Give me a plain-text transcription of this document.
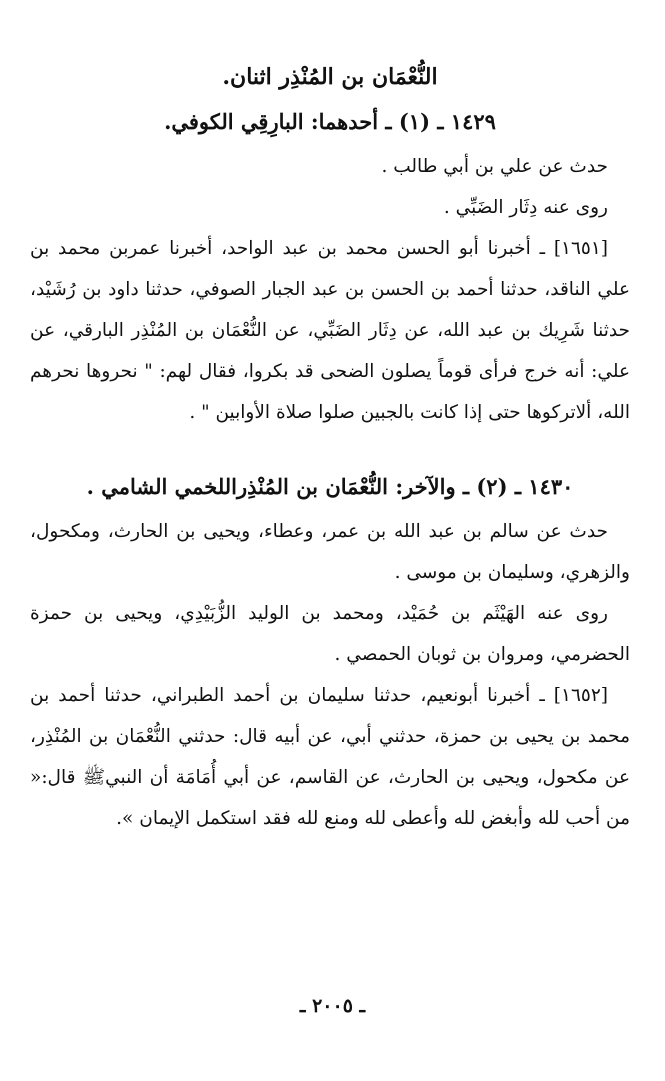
النُّعْمَان بن المُنْذِر اثنان.
١٤٢٩ ـ (١) ـ أحدهما: البارِقِي الكوفي.

حدث عن علي بن أبي طالب .

روى عنه دِثَار الضَبِّي .

[١٦٥١] ـ أخبرنا أبو الحسن محمد بن عبد الواحد، أخبرنا عمربن محمد بن علي الناقد، حدثنا أحمد بن الحسن بن عبد الجبار الصوفي، حدثنا داود بن رُشَيْد، حدثنا شَرِيك بن عبد الله، عن دِثَار الضَبِّي، عن النُّعْمَان بن المُنْذِر البارقي، عن علي: أنه خرج فرأى قوماً يصلون الضحى قد بكروا، فقال لهم: " نحروها نحرهم الله، ألاتركوها حتى إذا كانت بالجبين صلوا صلاة الأوابين " .

١٤٣٠ ـ (٢) ـ والآخر: النُّعْمَان بن المُنْذِراللخمي الشامي .

حدث عن سالم بن عبد الله بن عمر، وعطاء، ويحيى بن الحارث، ومكحول، والزهري، وسليمان بن موسى .

روى عنه الهَيْثَم بن حُمَيْد، ومحمد بن الوليد الزُّبَيْدِي، ويحيى بن حمزة الحضرمي، ومروان بن ثوبان الحمصي .

[١٦٥٢] ـ أخبرنا أبونعيم، حدثنا سليمان بن أحمد الطبراني، حدثنا أحمد بن محمد بن يحيى بن حمزة، حدثني أبي، عن أبيه قال: حدثني النُّعْمَان بن المُنْذِر، عن مكحول، ويحيى بن الحارث، عن القاسم، عن أبي أُمَامَة أن النبيﷺ قال:« من أحب لله وأبغض لله وأعطى لله ومنع لله فقد استكمل الإيمان ».

ـ ٢٠٠٥ ـ
